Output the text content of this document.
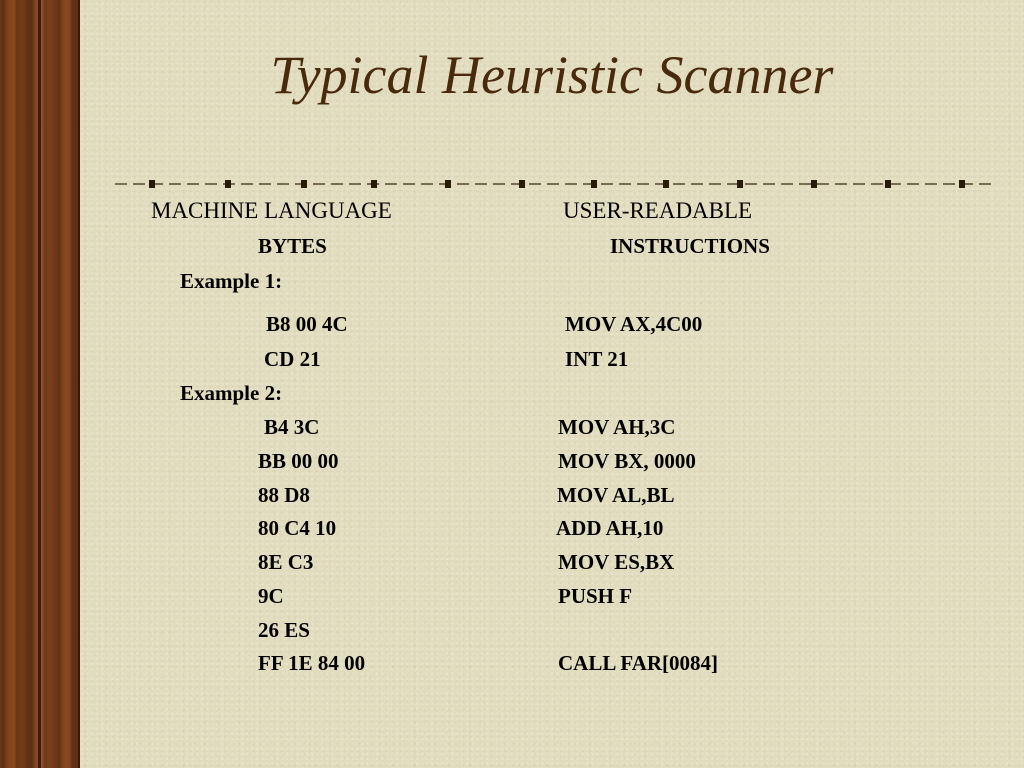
Typical Heuristic Scanner
MACHINE LANGUAGE
BYTES
USER-READABLE
INSTRUCTIONS
Example 1:
B8 00 4C	MOV AX,4C00
CD 21	INT 21
Example 2:
B4 3C	MOV AH,3C
BB 00 00	MOV BX, 0000
88 D8	MOV AL,BL
80 C4 10	ADD AH,10
8E C3	MOV ES,BX
9C	PUSH F
26 ES
FF 1E 84 00	CALL FAR[0084]
